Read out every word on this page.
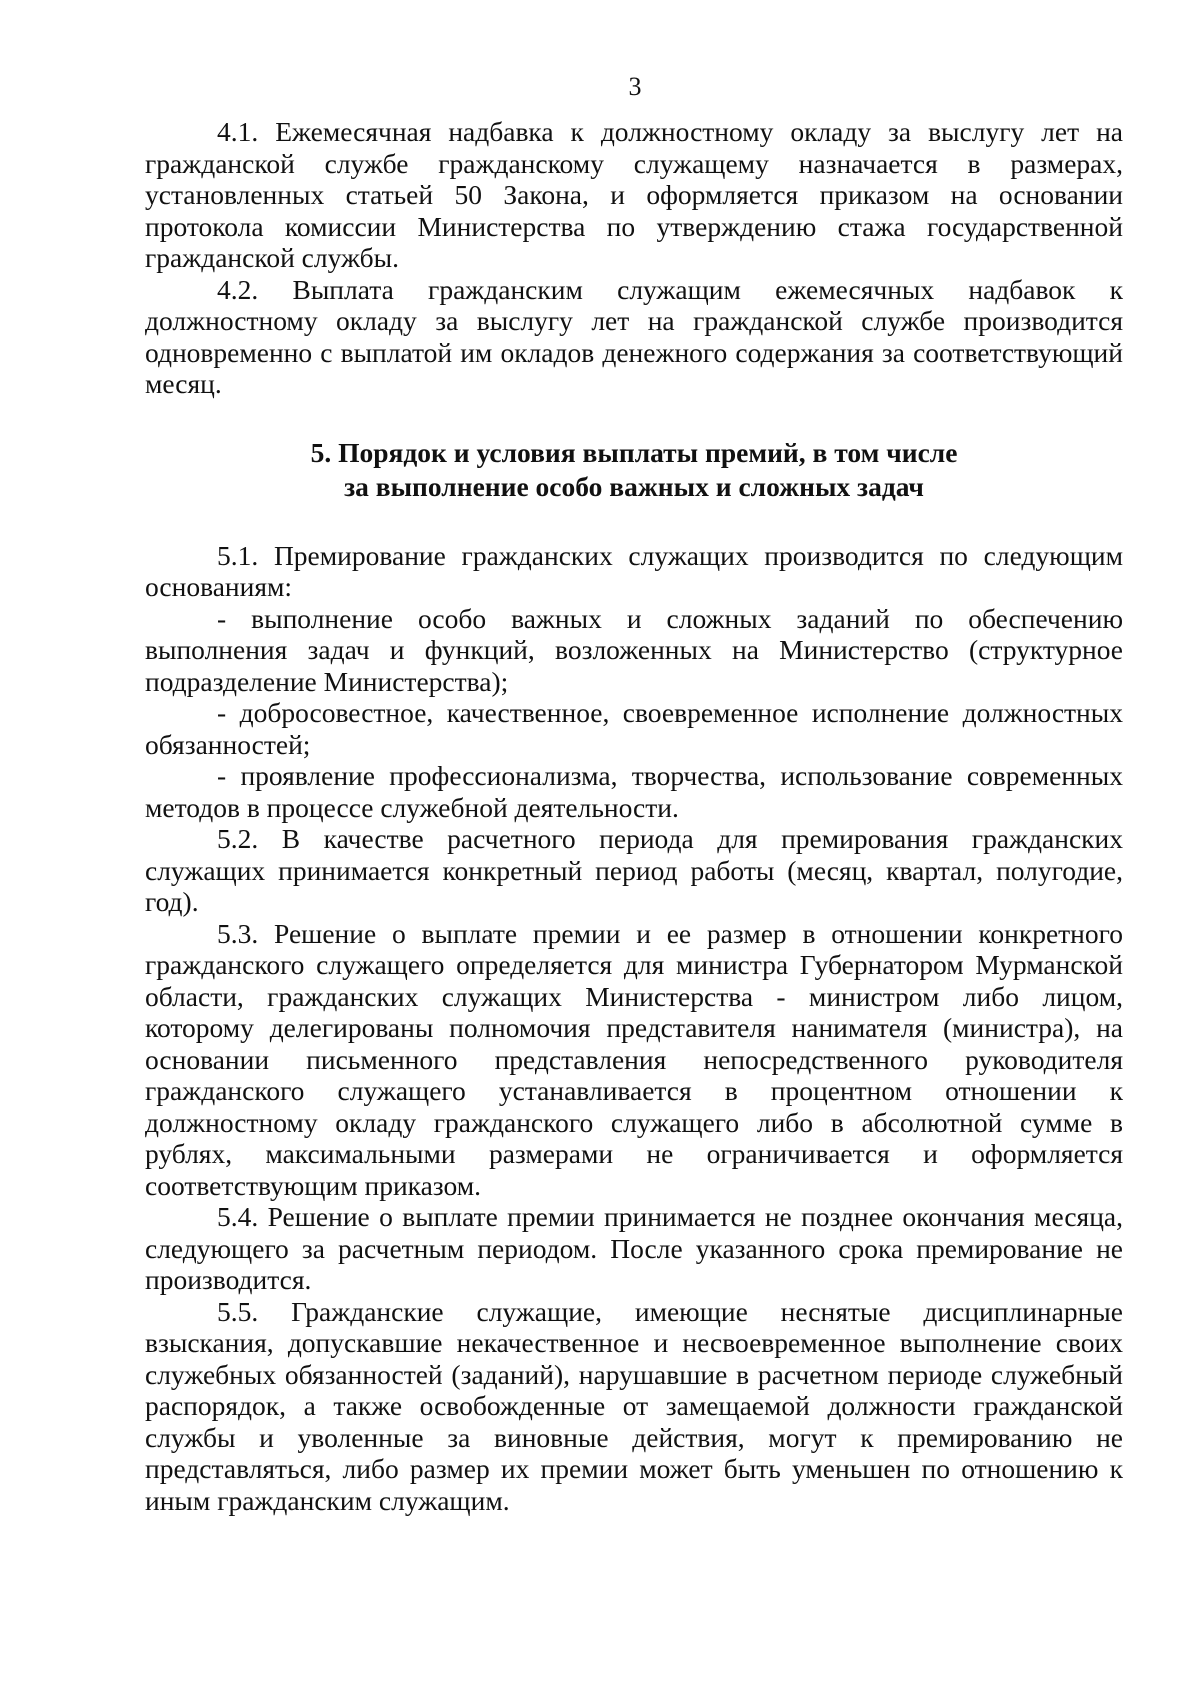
3

4.1. Ежемесячная надбавка к должностному окладу за выслугу лет на гражданской службе гражданскому служащему назначается в размерах, установленных статьей 50 Закона, и оформляется приказом на основании протокола комиссии Министерства по утверждению стажа государственной гражданской службы.

4.2. Выплата гражданским служащим ежемесячных надбавок к должностному окладу за выслугу лет на гражданской службе производится одновременно с выплатой им окладов денежного содержания за соответствующий месяц.

5. Порядок и условия выплаты премий, в том числе
за выполнение особо важных и сложных задач

5.1. Премирование гражданских служащих производится по следующим основаниям:

- выполнение особо важных и сложных заданий по обеспечению выполнения задач и функций, возложенных на Министерство (структурное подразделение Министерства);

- добросовестное, качественное, своевременное исполнение должностных обязанностей;

- проявление профессионализма, творчества, использование современных методов в процессе служебной деятельности.

5.2. В качестве расчетного периода для премирования гражданских служащих принимается конкретный период работы (месяц, квартал, полугодие, год).

5.3. Решение о выплате премии и ее размер в отношении конкретного гражданского служащего определяется для министра Губернатором Мурманской области, гражданских служащих Министерства - министром либо лицом, которому делегированы полномочия представителя нанимателя (министра), на основании письменного представления непосредственного руководителя гражданского служащего устанавливается в процентном отношении к должностному окладу гражданского служащего либо в абсолютной сумме в рублях, максимальными размерами не ограничивается и оформляется соответствующим приказом.

5.4. Решение о выплате премии принимается не позднее окончания месяца, следующего за расчетным периодом. После указанного срока премирование не производится.

5.5. Гражданские служащие, имеющие неснятые дисциплинарные взыскания, допускавшие некачественное и несвоевременное выполнение своих служебных обязанностей (заданий), нарушавшие в расчетном периоде служебный распорядок, а также освобожденные от замещаемой должности гражданской службы и уволенные за виновные действия, могут к премированию не представляться, либо размер их премии может быть уменьшен по отношению к иным гражданским служащим.
